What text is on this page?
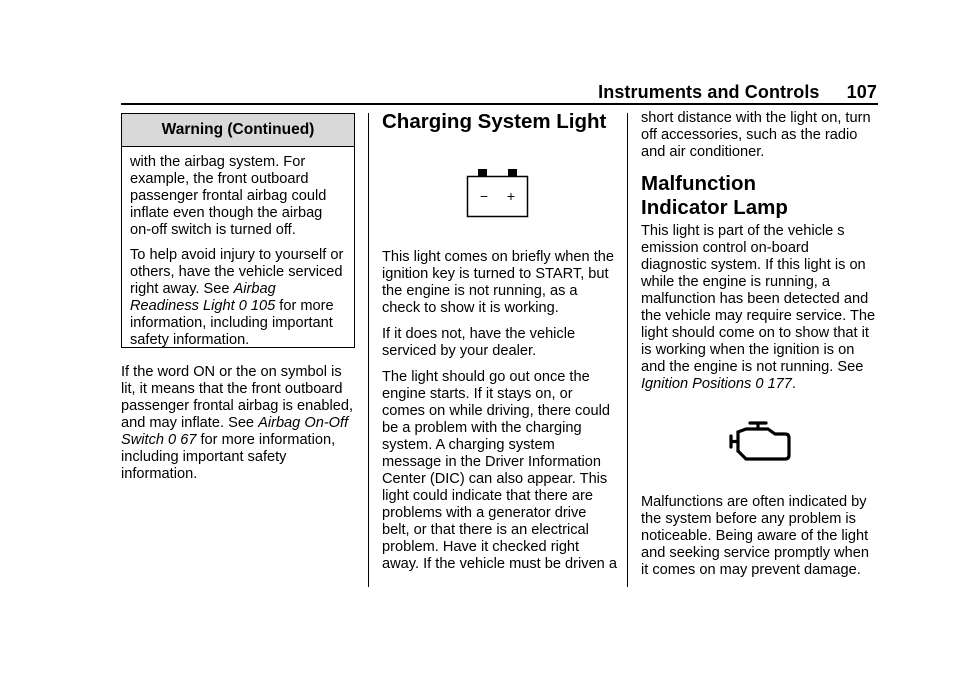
Instruments and Controls 107
Warning (Continued)

with the airbag system. For example, the front outboard passenger frontal airbag could inflate even though the airbag on-off switch is turned off.

To help avoid injury to yourself or others, have the vehicle serviced right away. See Airbag Readiness Light 0 105 for more information, including important safety information.

If the word ON or the on symbol is lit, it means that the front outboard passenger frontal airbag is enabled, and may inflate. See Airbag On-Off Switch 0 67 for more information, including important safety information.

Charging System Light
− +

This light comes on briefly when the ignition key is turned to START, but the engine is not running, as a check to show it is working.

If it does not, have the vehicle serviced by your dealer.

The light should go out once the engine starts. If it stays on, or comes on while driving, there could be a problem with the charging system. A charging system message in the Driver Information Center (DIC) can also appear. This light could indicate that there are problems with a generator drive belt, or that there is an electrical problem. Have it checked right away. If the vehicle must be driven a

short distance with the light on, turn off accessories, such as the radio and air conditioner.

Malfunction
Indicator Lamp

This light is part of the vehicle s emission control on-board diagnostic system. If this light is on while the engine is running, a malfunction has been detected and the vehicle may require service. The light should come on to show that it is working when the ignition is on and the engine is not running. See Ignition Positions 0 177.

Malfunctions are often indicated by the system before any problem is noticeable. Being aware of the light and seeking service promptly when it comes on may prevent damage.
